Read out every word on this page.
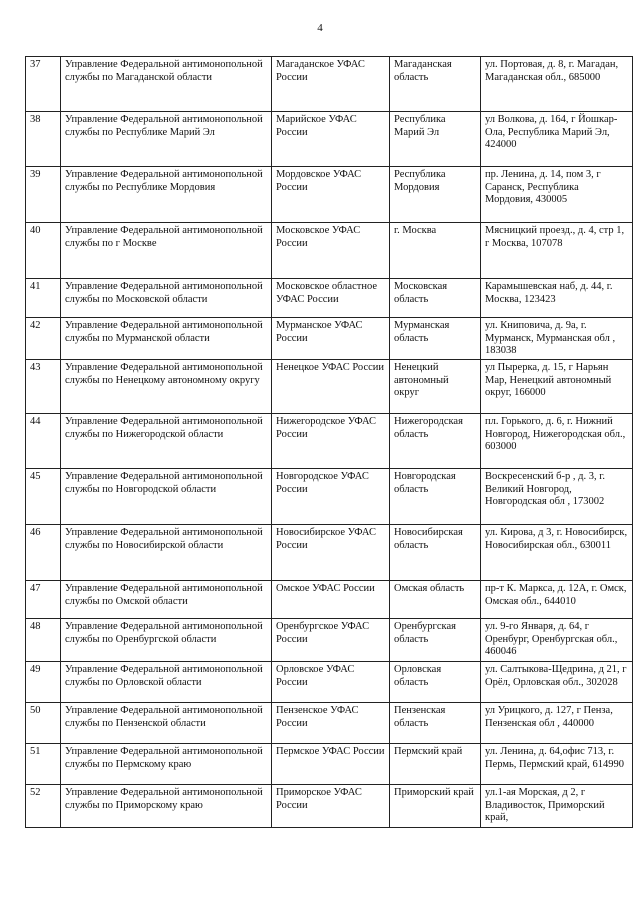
4
37	Управление Федеральной антимонопольной службы по Магаданской области	Магаданское УФАС России	Магаданская область	ул. Портовая, д. 8, г. Магадан, Магаданская обл., 685000
38	Управление Федеральной антимонопольной службы по Республике Марий Эл	Марийское УФАС России	Республика Марий Эл	ул Волкова, д. 164, г Йошкар-Ола, Республика Марий Эл, 424000
39	Управление Федеральной антимонопольной службы по Республике Мордовия	Мордовское УФАС России	Республика Мордовия	пр. Ленина, д. 14, пом 3, г Саранск, Республика Мордовия, 430005
40	Управление Федеральной антимонопольной службы по г Москве	Московское УФАС России	г. Москва	Мясницкий проезд., д. 4, стр 1, г Москва, 107078
41	Управление Федеральной антимонопольной службы по Московской области	Московское областное УФАС России	Московская область	Карамышевская наб, д. 44, г. Москва, 123423
42	Управление Федеральной антимонопольной службы по Мурманской области	Мурманское УФАС России	Мурманская область	ул. Книповича, д. 9а, г. Мурманск, Мурманская обл , 183038
43	Управление Федеральной антимонопольной службы по Ненецкому автономному округу	Ненецкое УФАС России	Ненецкий автономный округ	ул Пырерка, д. 15, г Нарьян Мар, Ненецкий автономный округ, 166000
44	Управление Федеральной антимонопольной службы по Нижегородской области	Нижегородское УФАС России	Нижегородская область	пл. Горького, д. 6, г. Нижний Новгород, Нижегородская обл., 603000
45	Управление Федеральной антимонопольной службы по Новгородской области	Новгородское УФАС России	Новгородская область	Воскресенский б-р , д. 3, г. Великий Новгород, Новгородская обл , 173002
46	Управление Федеральной антимонопольной службы по Новосибирской области	Новосибирское УФАС России	Новосибирская область	ул. Кирова, д 3, г. Новосибирск, Новосибирская обл., 630011
47	Управление Федеральной антимонопольной службы по Омской области	Омское УФАС России	Омская область	пр-т К. Маркса, д. 12А, г. Омск, Омская обл., 644010
48	Управление Федеральной антимонопольной службы по Оренбургской области	Оренбургское УФАС России	Оренбургская область	ул. 9-го Января, д. 64, г Оренбург, Оренбургская обл., 460046
49	Управление Федеральной антимонопольной службы по Орловской области	Орловское УФАС России	Орловская область	ул. Салтыкова-Щедрина, д 21, г Орёл, Орловская обл., 302028
50	Управление Федеральной антимонопольной службы по Пензенской области	Пензенское УФАС России	Пензенская область	ул Урицкого, д. 127, г Пенза, Пензенская обл , 440000
51	Управление Федеральной антимонопольной службы по Пермскому краю	Пермское УФАС России	Пермский край	ул. Ленина, д. 64,офис 713, г. Пермь, Пермский край, 614990
52	Управление Федеральной антимонопольной службы по Приморскому краю	Приморское УФАС России	Приморский край	ул.1-ая Морская, д 2, г Владивосток, Приморский край,
